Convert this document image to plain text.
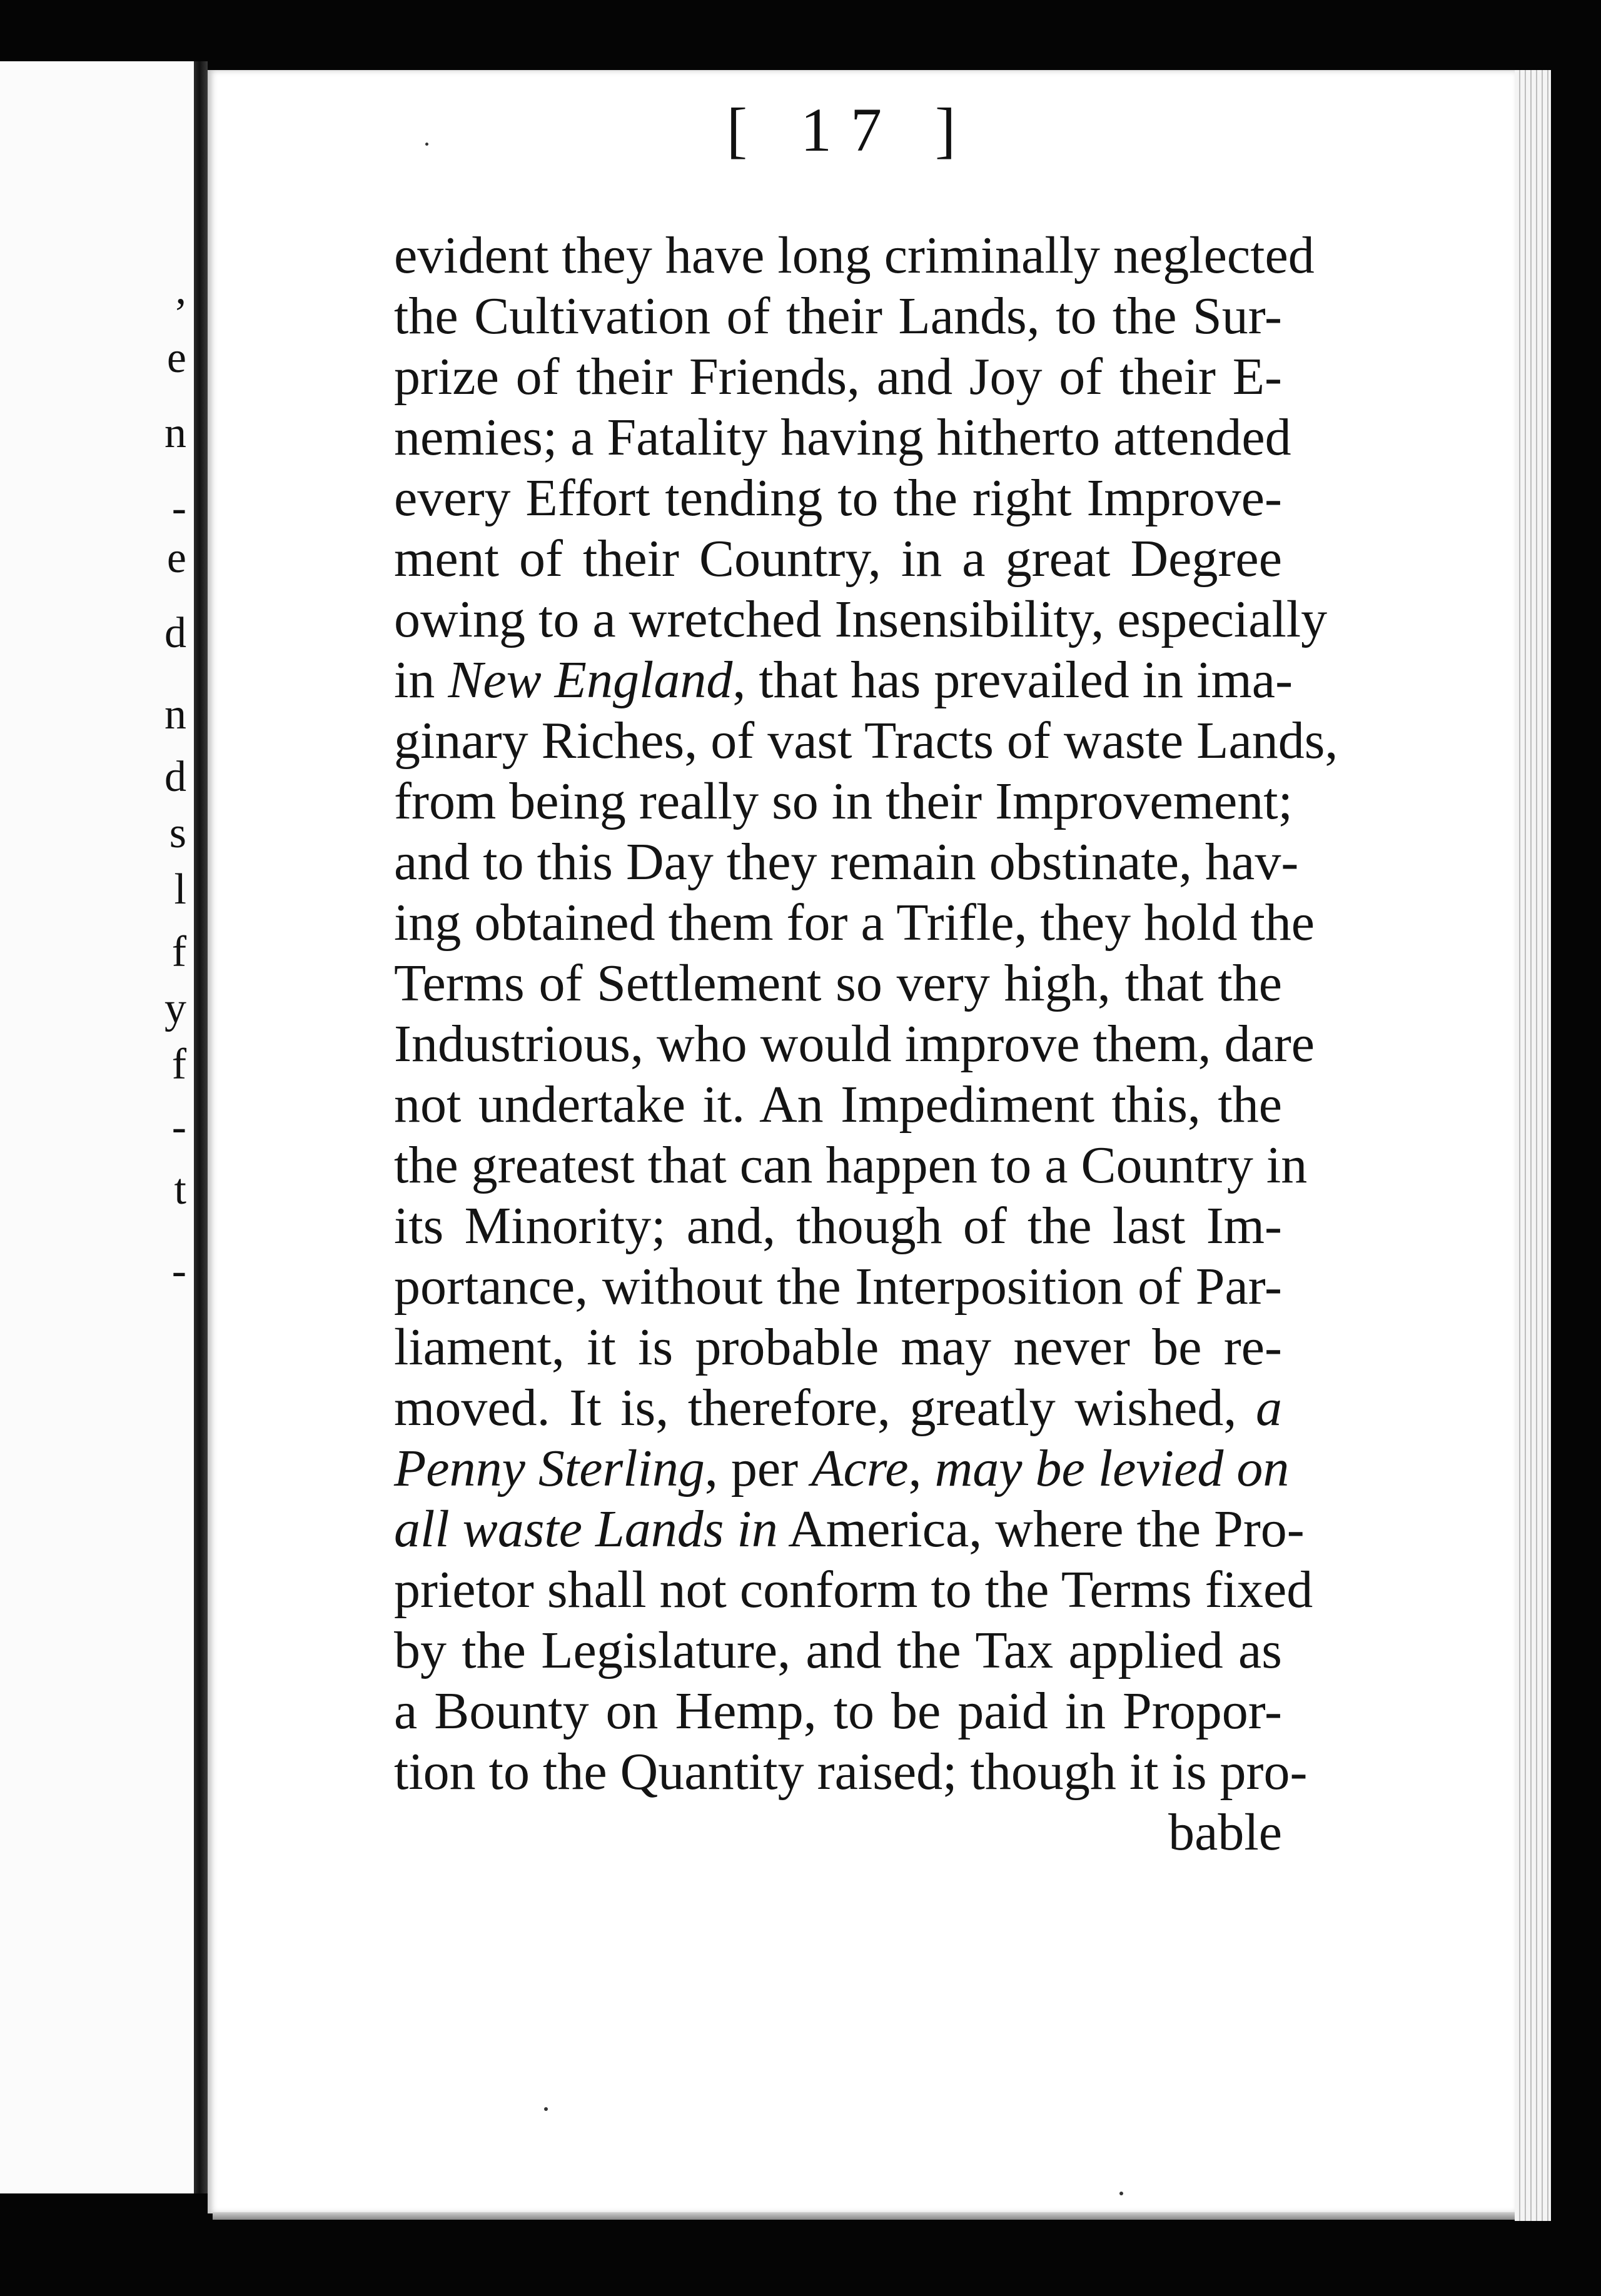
,
e
n
-
e
d
n
d
s
l
f
y
f
-
t
-
[ 17 ]
evident they have long criminally neglected
the Cultivation of their Lands, to the Sur-
prize of their Friends, and Joy of their E-
nemies; a Fatality having hitherto attended
every Effort tending to the right Improve-
ment of their Country, in a great Degree
owing to a wretched Insensibility, especially
in New England, that has prevailed in ima-
ginary Riches, of vast Tracts of waste Lands,
from being really so in their Improvement;
and to this Day they remain obstinate, hav-
ing obtained them for a Trifle, they hold the
Terms of Settlement so very high, that the
Industrious, who would improve them, dare
not undertake it. An Impediment this, the
the greatest that can happen to a Country in
its Minority; and, though of the last Im-
portance, without the Interposition of Par-
liament, it is probable may never be re-
moved. It is, therefore, greatly wished, a
Penny Sterling, per Acre, may be levied on
all waste Lands in America, where the Pro-
prietor shall not conform to the Terms fixed
by the Legislature, and the Tax applied as
a Bounty on Hemp, to be paid in Propor-
tion to the Quantity raised; though it is pro-
bable
